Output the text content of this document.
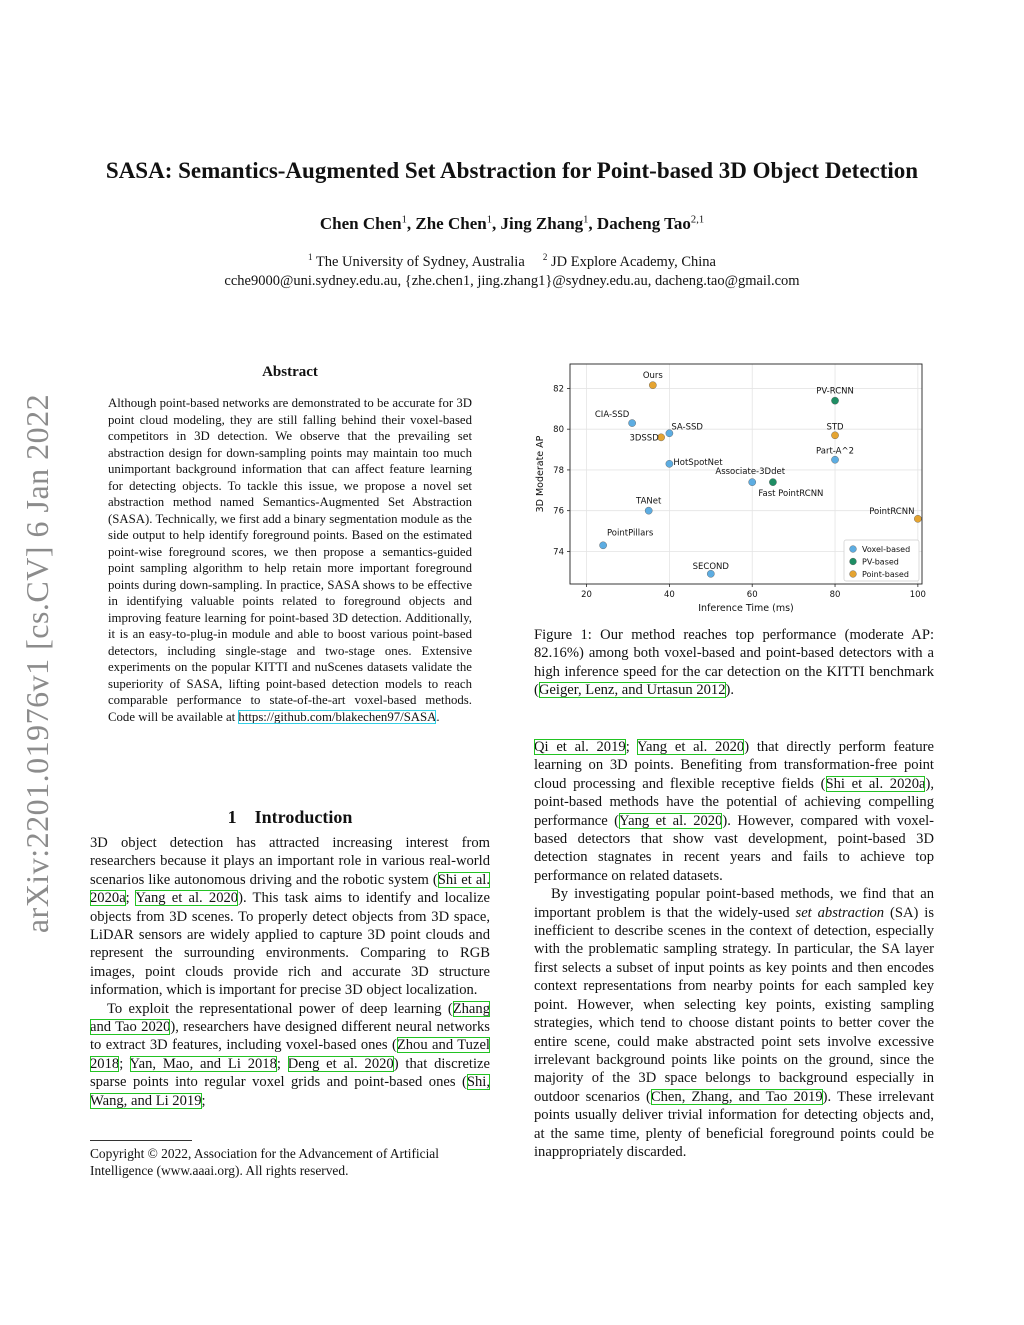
arXiv:2201.01976v1 [cs.CV] 6 Jan 2022
SASA: Semantics-Augmented Set Abstraction for Point-based 3D Object Detection
Chen Chen$^1$, Zhe Chen$^1$, Jing Zhang$^1$, Dacheng Tao$^{2,1}$
$^1$ The University of Sydney, Australia $^2$ JD Explore Academy, China
cche9000@uni.sydney.edu.au, {zhe.chen1, jing.zhang1}@sydney.edu.au, dacheng.tao@gmail.com
Abstract
Although point-based networks are demonstrated to be accurate for 3D point cloud modeling, they are still falling behind their voxel-based competitors in 3D detection. We observe that the prevailing set abstraction design for down-sampling points may maintain too much unimportant background information that can affect feature learning for detecting objects. To tackle this issue, we propose a novel set abstraction method named Semantics-Augmented Set Abstraction (SASA). Technically, we first add a binary segmentation module as the side output to help identify foreground points. Based on the estimated point-wise foreground scores, we then propose a semantics-guided point sampling algorithm to help retain more important foreground points during down-sampling. In practice, SASA shows to be effective in identifying valuable points related to foreground objects and improving feature learning for point-based 3D detection. Additionally, it is an easy-to-plug-in module and able to boost various point-based detectors, including single-stage and two-stage ones. Extensive experiments on the popular KITTI and nuScenes datasets validate the superiority of SASA, lifting point-based detection models to reach comparable performance to state-of-the-art voxel-based methods. Code will be available at https://github.com/blakechen97/SASA.
1 Introduction

3D object detection has attracted increasing interest from researchers because it plays an important role in various real-world scenarios like autonomous driving and the robotic system (Shi et al. 2020a; Yang et al. 2020). This task aims to identify and localize objects from 3D scenes. To properly detect objects from 3D space, LiDAR sensors are widely applied to capture 3D point clouds and represent the surrounding environments. Comparing to RGB images, point clouds provide rich and accurate 3D structure information, which is important for precise 3D object localization.

To exploit the representational power of deep learning (Zhang and Tao 2020), researchers have designed different neural networks to extract 3D features, including voxel-based ones (Zhou and Tuzel 2018; Yan, Mao, and Li 2018; Deng et al. 2020) that discretize sparse points into regular voxel grids and point-based ones (Shi, Wang, and Li 2019;

Copyright © 2022, Association for the Advancement of Artificial Intelligence (www.aaai.org). All rights reserved.
20	40	60	80	100
74
76
78
80
82
Inference Time (ms)
3D Moderate AP
Ours
CIA-SSD
SA-SSD
3DSSD
HotSpotNet
Associate-3Ddet
Fast PointRCNN
PV-RCNN
STD
Part-A^2
PointRCNN
TANet
PointPillars
SECOND
Voxel-based
PV-based
Point-based
Figure 1: Our method reaches top performance (moderate AP: 82.16%) among both voxel-based and point-based detectors with a high inference speed for the car detection on the KITTI benchmark (Geiger, Lenz, and Urtasun 2012).

Qi et al. 2019; Yang et al. 2020) that directly perform feature learning on 3D points. Benefiting from transformation-free point cloud processing and flexible receptive fields (Shi et al. 2020a), point-based methods have the potential of achieving compelling performance (Yang et al. 2020). However, compared with voxel-based detectors that show vast development, point-based 3D detection stagnates in recent years and fails to achieve top performance on related datasets.

By investigating popular point-based methods, we find that an important problem is that the widely-used set abstraction (SA) is inefficient to describe scenes in the context of detection, especially with the problematic sampling strategy. In particular, the SA layer first selects a subset of input points as key points and then encodes context representations from nearby points for each sampled key point. However, when selecting key points, existing sampling strategies, which tend to choose distant points to better cover the entire scene, could make abstracted point sets involve excessive irrelevant background points like points on the ground, since the majority of the 3D space belongs to background especially in outdoor scenarios (Chen, Zhang, and Tao 2019). These irrelevant points usually deliver trivial information for detecting objects and, at the same time, plenty of beneficial foreground points could be inappropriately discarded.
